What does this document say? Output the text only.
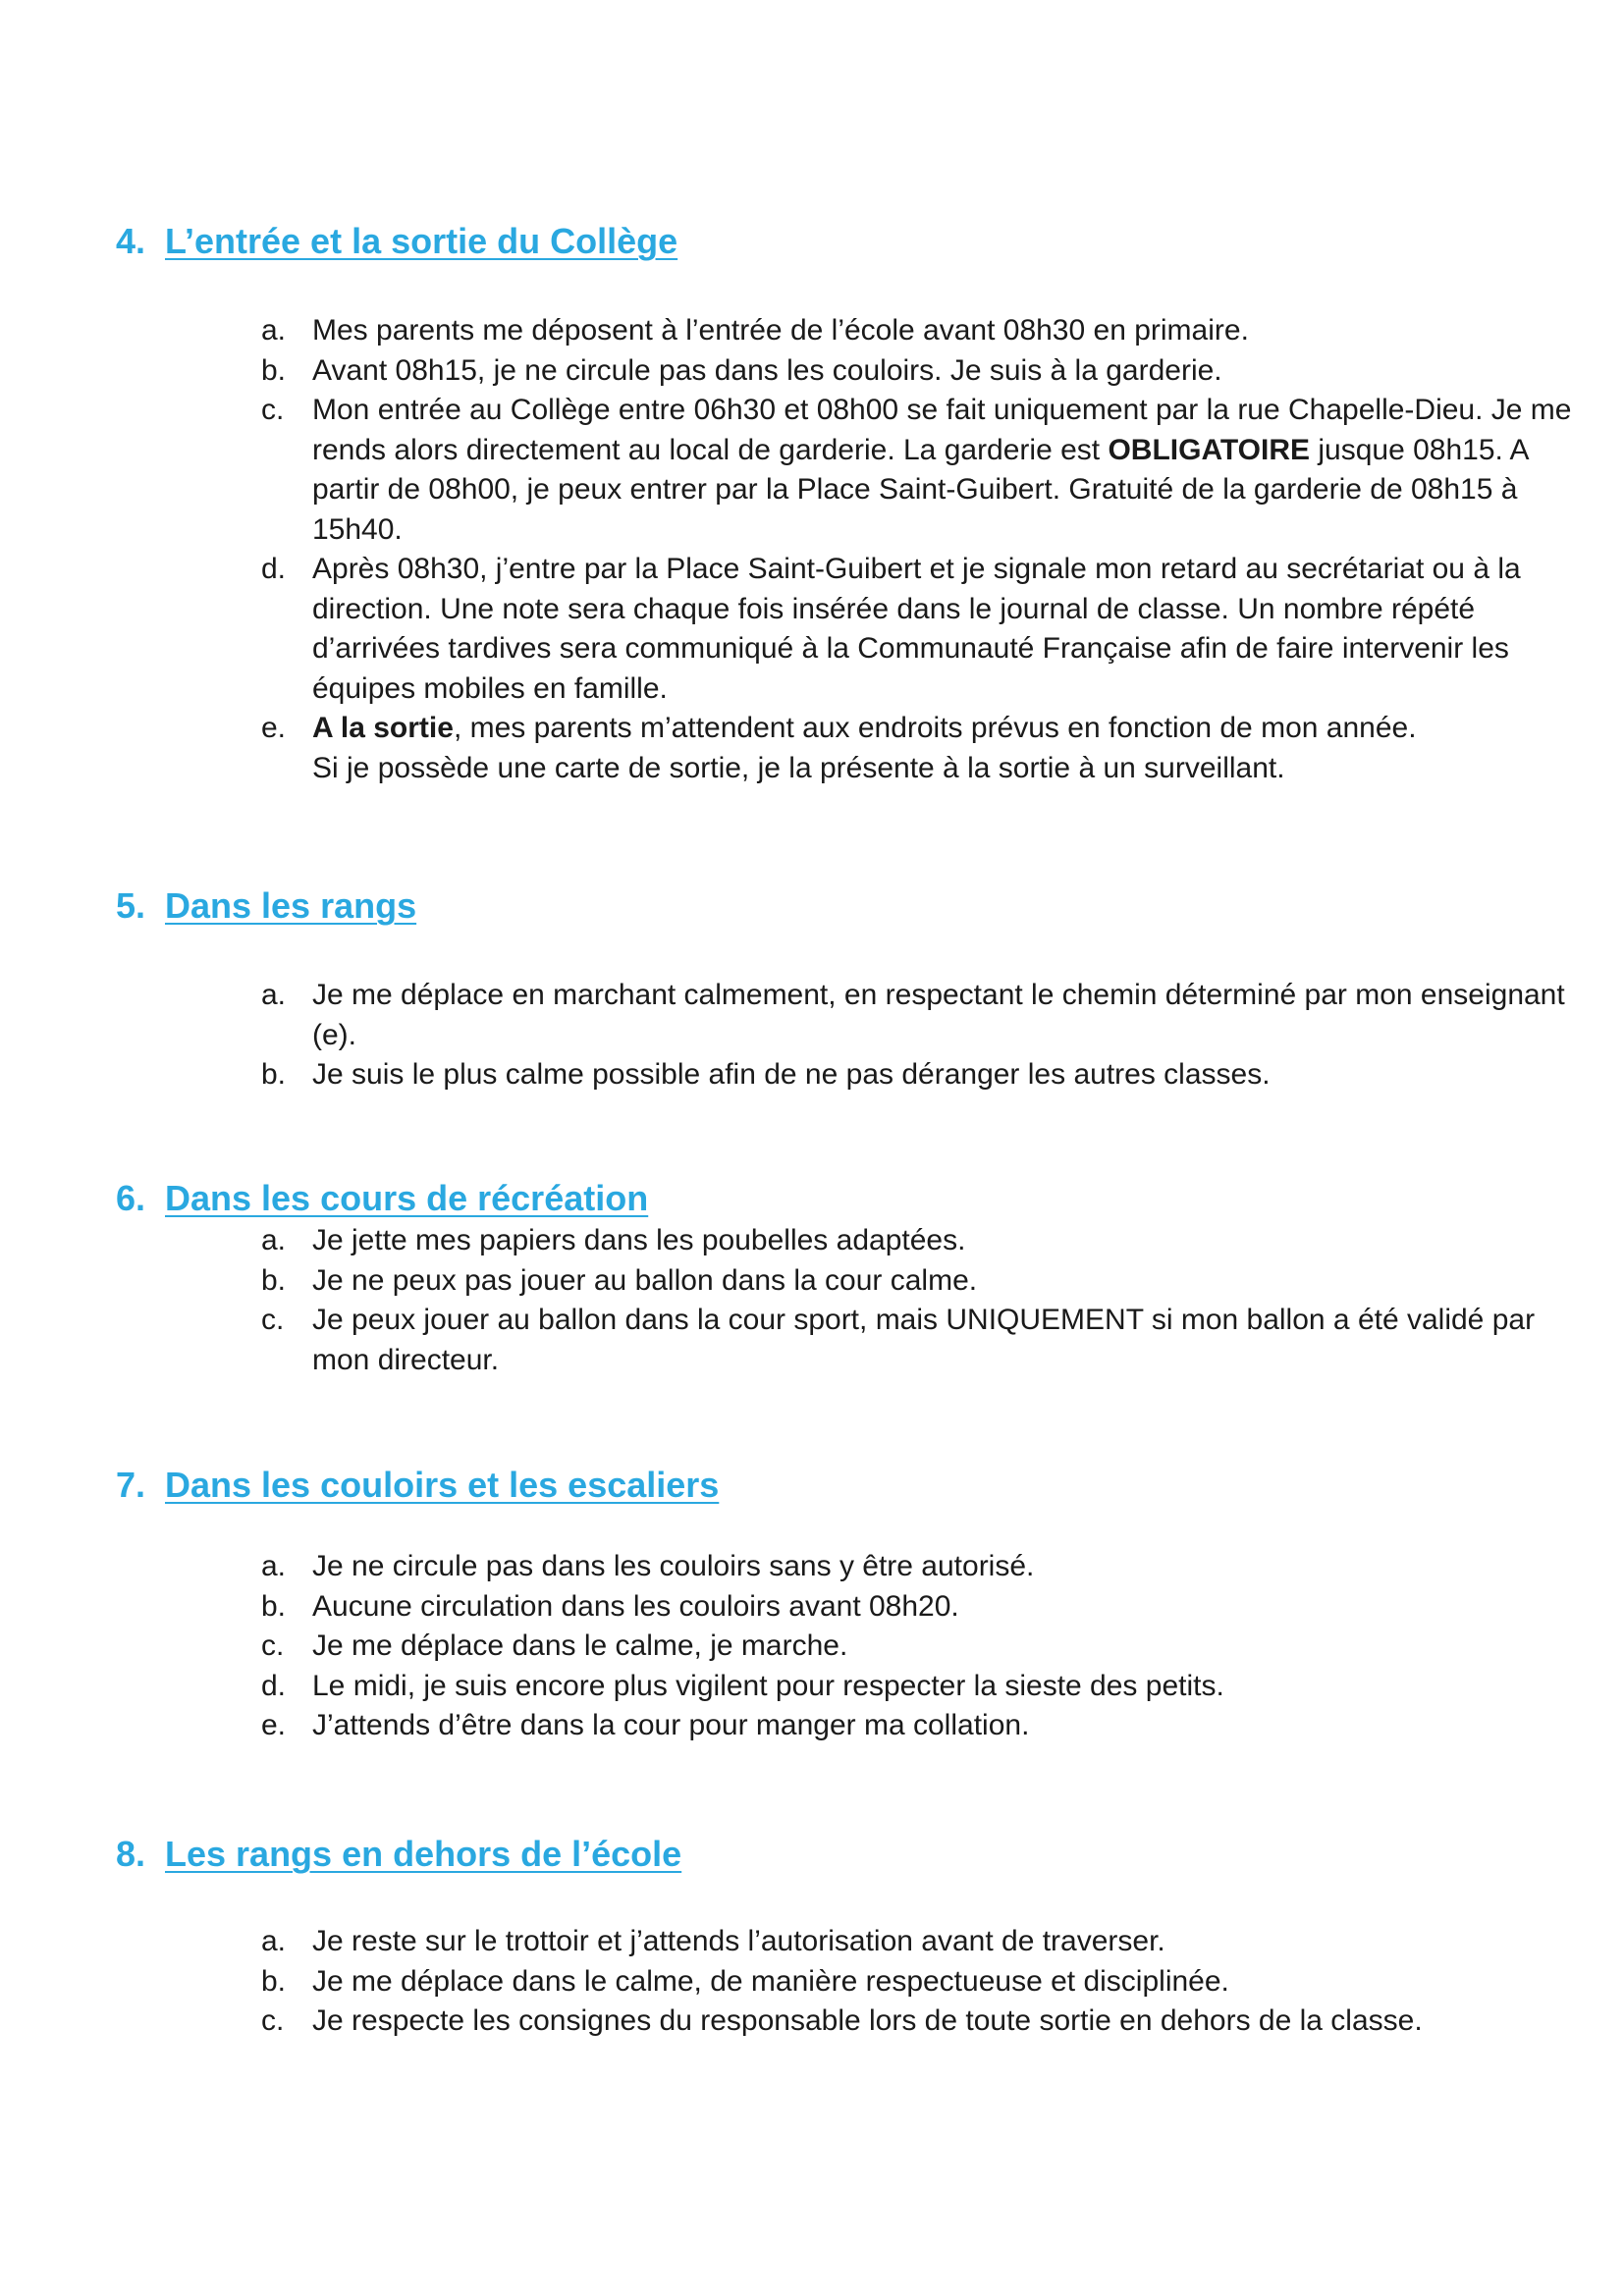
4. L’entrée et la sortie du Collège
a. Mes parents me déposent à l’entrée de l’école avant 08h30 en primaire.
b. Avant 08h15, je ne circule pas dans les couloirs. Je suis à la garderie.
c. Mon entrée au Collège entre 06h30 et 08h00 se fait uniquement par la rue Chapelle-Dieu. Je me rends alors directement au local de garderie. La garderie est OBLIGATOIRE jusque 08h15. A partir de 08h00, je peux entrer par la Place Saint-Guibert. Gratuité de la garderie de 08h15 à 15h40.
d. Après 08h30, j’entre par la Place Saint-Guibert et je signale mon retard au secrétariat ou à la direction. Une note sera chaque fois insérée dans le journal de classe. Un nombre répété d’arrivées tardives sera communiqué à la Communauté Française afin de faire intervenir les équipes mobiles en famille.
e. A la sortie, mes parents m’attendent aux endroits prévus en fonction de mon année.
Si je possède une carte de sortie, je la présente à la sortie à un surveillant.
5. Dans les rangs
a. Je me déplace en marchant calmement, en respectant le chemin déterminé par mon enseignant (e).
b. Je suis le plus calme possible afin de ne pas déranger les autres classes.
6. Dans les cours de récréation
a. Je jette mes papiers dans les poubelles adaptées.
b. Je ne peux pas jouer au ballon dans la cour calme.
c. Je peux jouer au ballon dans la cour sport, mais UNIQUEMENT si mon ballon a été validé par mon directeur.
7. Dans les couloirs et les escaliers
a. Je ne circule pas dans les couloirs sans y être autorisé.
b. Aucune circulation dans les couloirs avant 08h20.
c. Je me déplace dans le calme, je marche.
d. Le midi, je suis encore plus vigilent pour respecter la sieste des petits.
e. J’attends d’être dans la cour pour manger ma collation.
8. Les rangs en dehors de l’école
a. Je reste sur le trottoir et j’attends l’autorisation avant de traverser.
b. Je me déplace dans le calme, de manière respectueuse et disciplinée.
c. Je respecte les consignes du responsable lors de toute sortie en dehors de la classe.
